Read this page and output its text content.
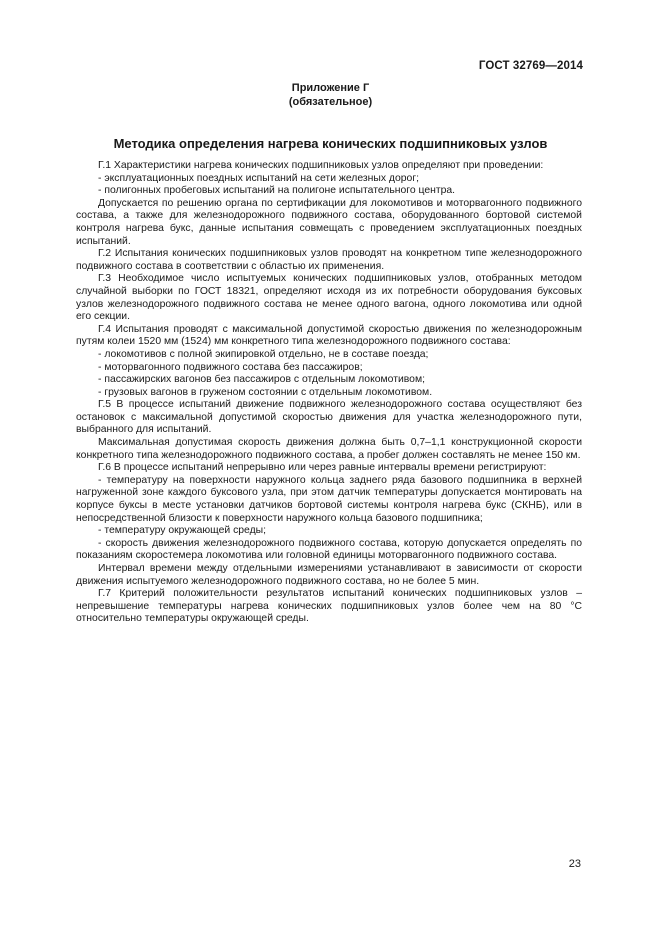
ГОСТ 32769—2014
Приложение Г
(обязательное)
Методика определения нагрева конических подшипниковых узлов

Г.1 Характеристики нагрева конических подшипниковых узлов определяют при проведении:

- эксплуатационных поездных испытаний на сети железных дорог;

- полигонных пробеговых испытаний на полигоне испытательного центра.

Допускается по решению органа по сертификации для локомотивов и моторвагонного подвижного состава, а также для железнодорожного подвижного состава, оборудованного бортовой системой контроля нагрева букс, данные испытания совмещать с проведением эксплуатационных поездных испытаний.

Г.2 Испытания конических подшипниковых узлов проводят на конкретном типе железнодорожного подвижного состава в соответствии с областью их применения.

Г.3 Необходимое число испытуемых конических подшипниковых узлов, отобранных методом случайной выборки по ГОСТ 18321, определяют исходя из их потребности оборудования буксовых узлов железнодорожного подвижного состава не менее одного вагона, одного локомотива или одной его секции.

Г.4 Испытания проводят с максимальной допустимой скоростью движения по железнодорожным путям колеи 1520 мм (1524) мм конкретного типа железнодорожного подвижного состава:

- локомотивов с полной экипировкой отдельно, не в составе поезда;

- моторвагонного подвижного состава без пассажиров;

- пассажирских вагонов без пассажиров с отдельным локомотивом;

- грузовых вагонов в груженом состоянии с отдельным локомотивом.

Г.5 В процессе испытаний движение подвижного железнодорожного состава осуществляют без остановок с максимальной допустимой скоростью движения для участка железнодорожного пути, выбранного для испытаний.

Максимальная допустимая скорость движения должна быть 0,7–1,1 конструкционной скорости конкретного типа железнодорожного подвижного состава, а пробег должен составлять не менее 150 км.

Г.6 В процессе испытаний непрерывно или через равные интервалы времени регистрируют:

- температуру на поверхности наружного кольца заднего ряда базового подшипника в верхней нагруженной зоне каждого буксового узла, при этом датчик температуры допускается монтировать на корпусе буксы в месте установки датчиков бортовой системы контроля нагрева букс (СКНБ), или в непосредственной близости к поверхности наружного кольца базового подшипника;

- температуру окружающей среды;

- скорость движения железнодорожного подвижного состава, которую допускается определять по показаниям скоростемера локомотива или головной единицы моторвагонного подвижного состава.

Интервал времени между отдельными измерениями устанавливают в зависимости от скорости движения испытуемого железнодорожного подвижного состава, но не более 5 мин.

Г.7 Критерий положительности результатов испытаний конических подшипниковых узлов – непревышение температуры нагрева конических подшипниковых узлов более чем на 80 °С относительно температуры окружающей среды.

23
